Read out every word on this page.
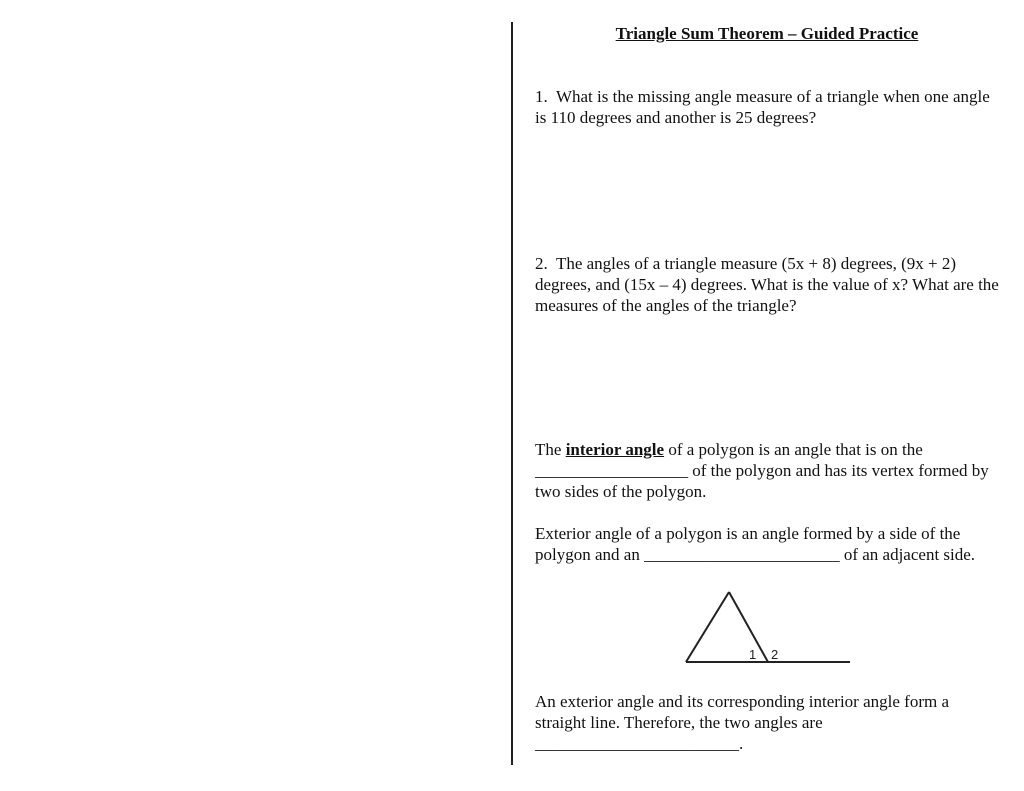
Triangle Sum Theorem – Guided Practice

1. What is the missing angle measure of a triangle when one angle is 110 degrees and another is 25 degrees?

2. The angles of a triangle measure (5x + 8) degrees, (9x + 2) degrees, and (15x – 4) degrees. What is the value of x? What are the measures of the angles of the triangle?

The interior angle of a polygon is an angle that is on the __________________ of the polygon and has its vertex formed by two sides of the polygon.

Exterior angle of a polygon is an angle formed by a side of the polygon and an _______________________ of an adjacent side.

1 2

An exterior angle and its corresponding interior angle form a straight line. Therefore, the two angles are ________________________.
